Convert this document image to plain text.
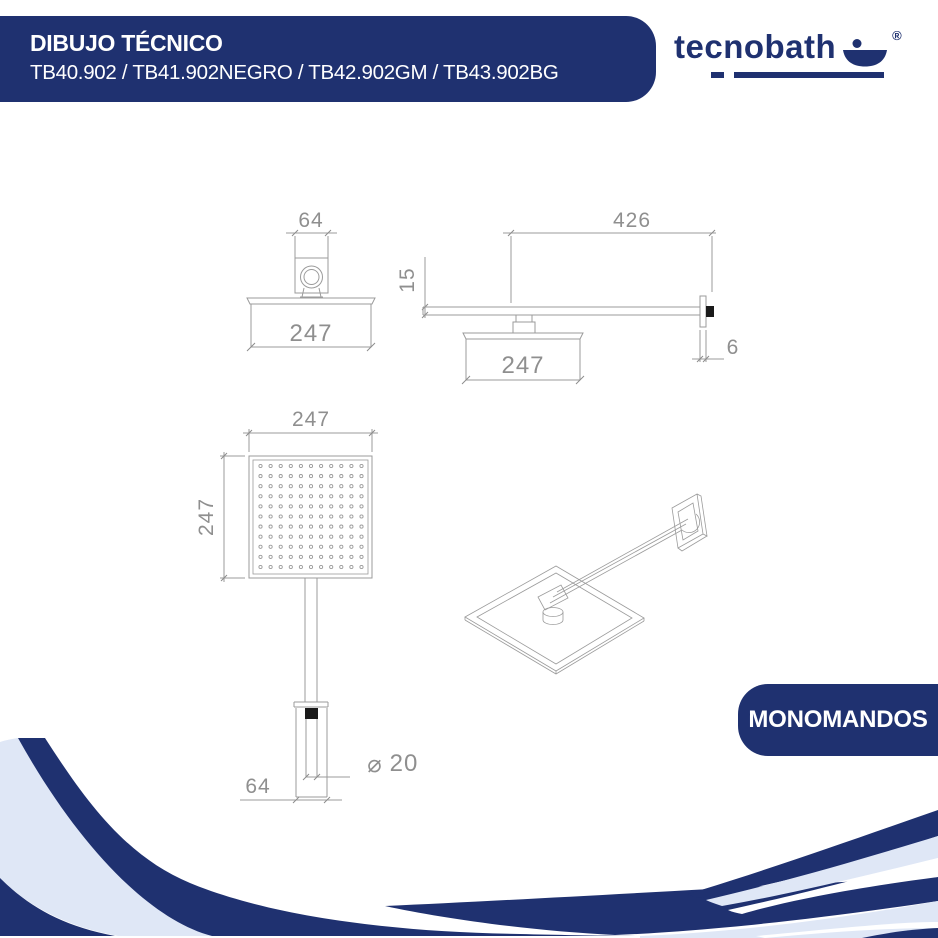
DIBUJO TÉCNICO
TB40.902 / TB41.902NEGRO / TB42.902GM / TB43.902BG
tecnobath	®
64
247
426
15
247
6
247
247
⌀ 20
64
MONOMANDOS
